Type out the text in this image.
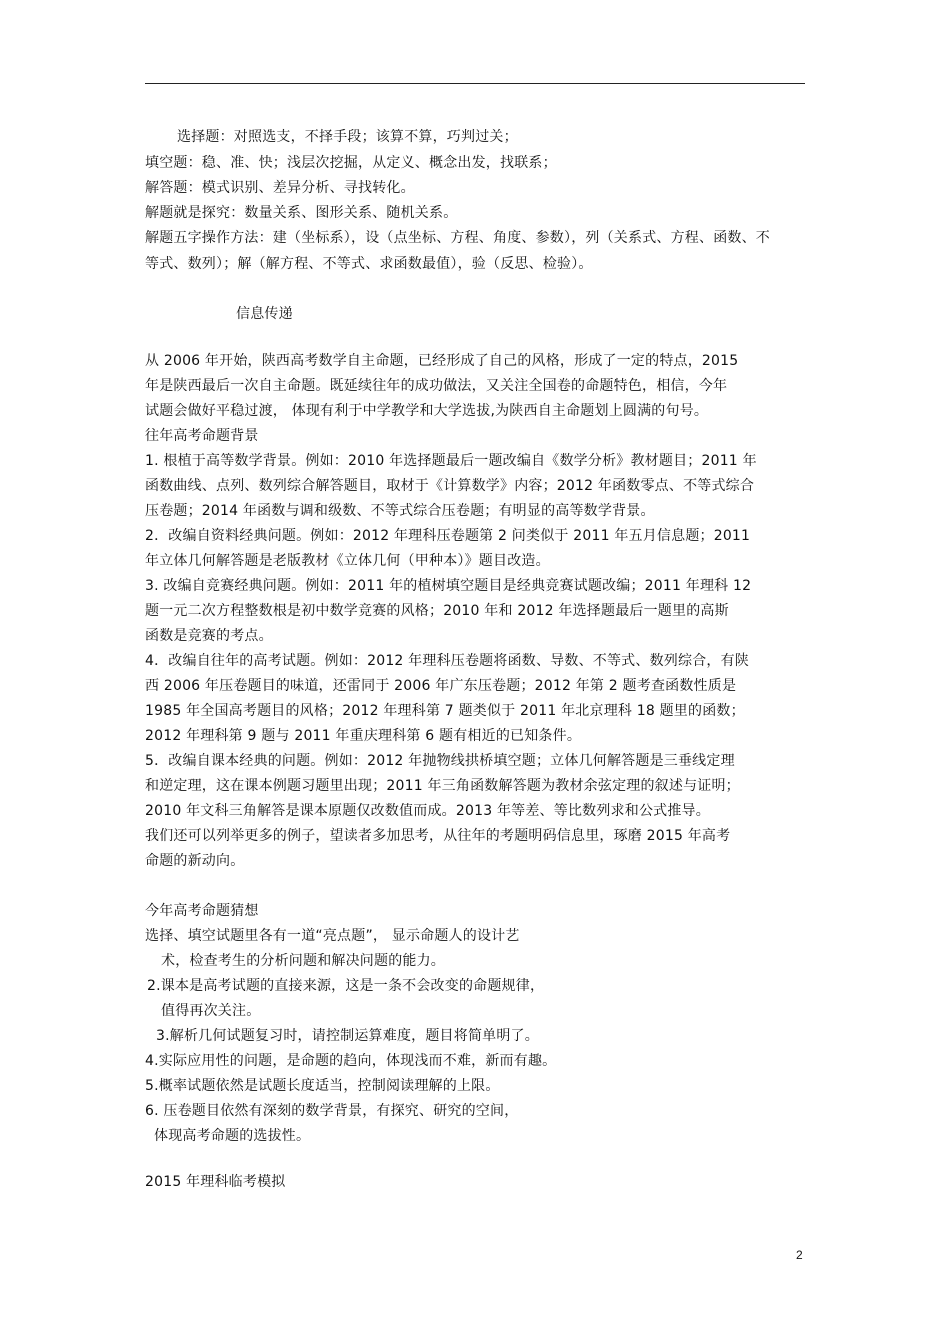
选择题：对照选支，不择手段；该算不算，巧判过关；
填空题：稳、准、快；浅层次挖掘，从定义、概念出发，找联系；
解答题：模式识别、差异分析、寻找转化。
解题就是探究：数量关系、图形关系、随机关系。
解题五字操作方法：建（坐标系），设（点坐标、方程、角度、参数），列（关系式、方程、函数、不
等式、数列）；解（解方程、不等式、求函数最值），验（反思、检验）。
信息传递
从 2006 年开始，陕西高考数学自主命题，已经形成了自己的风格，形成了一定的特点，2015
年是陕西最后一次自主命题。既延续往年的成功做法，又关注全国卷的命题特色，相信，今年
试题会做好平稳过渡， 体现有利于中学教学和大学选拔,为陕西自主命题划上圆满的句号。
往年高考命题背景
1. 根植于高等数学背景。例如：2010 年选择题最后一题改编自《数学分析》教材题目；2011 年
函数曲线、点列、数列综合解答题目，取材于《计算数学》内容；2012 年函数零点、不等式综合
压卷题；2014 年函数与调和级数、不等式综合压卷题；有明显的高等数学背景。
2．改编自资料经典问题。例如：2012 年理科压卷题第 2 问类似于 2011 年五月信息题；2011
年立体几何解答题是老版教材《立体几何（甲种本）》题目改造。
3. 改编自竞赛经典问题。例如：2011 年的植树填空题目是经典竞赛试题改编；2011 年理科 12
题一元二次方程整数根是初中数学竞赛的风格；2010 年和 2012 年选择题最后一题里的高斯
函数是竞赛的考点。
4．改编自往年的高考试题。例如：2012 年理科压卷题将函数、导数、不等式、数列综合，有陕
西 2006 年压卷题目的味道，还雷同于 2006 年广东压卷题；2012 年第 2 题考查函数性质是
1985 年全国高考题目的风格；2012 年理科第 7 题类似于 2011 年北京理科 18 题里的函数；
2012 年理科第 9 题与 2011 年重庆理科第 6 题有相近的已知条件。
5．改编自课本经典的问题。例如：2012 年抛物线拱桥填空题；立体几何解答题是三垂线定理
和逆定理，这在课本例题习题里出现；2011 年三角函数解答题为教材余弦定理的叙述与证明；
2010 年文科三角解答是课本原题仅改数值而成。2013 年等差、等比数列求和公式推导。
我们还可以列举更多的例子，望读者多加思考，从往年的考题明码信息里，琢磨 2015 年高考
命题的新动向。
今年高考命题猜想
选择、填空试题里各有一道“亮点题”， 显示命题人的设计艺
术，检查考生的分析问题和解决问题的能力。
2.课本是高考试题的直接来源，这是一条不会改变的命题规律，
值得再次关注。
3.解析几何试题复习时，请控制运算难度，题目将简单明了。
4.实际应用性的问题，是命题的趋向，体现浅而不难，新而有趣。
5.概率试题依然是试题长度适当，控制阅读理解的上限。
6. 压卷题目依然有深刻的数学背景，有探究、研究的空间，
体现高考命题的选拔性。
2015 年理科临考模拟
2
